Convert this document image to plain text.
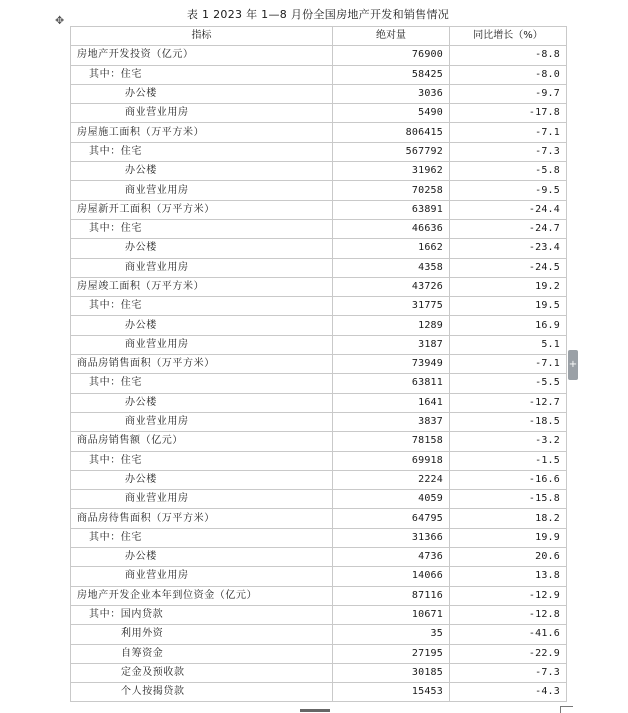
✥
+
表 1 2023 年 1—8 月份全国房地产开发和销售情况
指标	绝对量	同比增长（%）
房地产开发投资（亿元）	76900	-8.8
其中：住宅	58425	-8.0
办公楼	3036	-9.7
商业营业用房	5490	-17.8
房屋施工面积（万平方米）	806415	-7.1
其中：住宅	567792	-7.3
办公楼	31962	-5.8
商业营业用房	70258	-9.5
房屋新开工面积（万平方米）	63891	-24.4
其中：住宅	46636	-24.7
办公楼	1662	-23.4
商业营业用房	4358	-24.5
房屋竣工面积（万平方米）	43726	19.2
其中：住宅	31775	19.5
办公楼	1289	16.9
商业营业用房	3187	5.1
商品房销售面积（万平方米）	73949	-7.1
其中：住宅	63811	-5.5
办公楼	1641	-12.7
商业营业用房	3837	-18.5
商品房销售额（亿元）	78158	-3.2
其中：住宅	69918	-1.5
办公楼	2224	-16.6
商业营业用房	4059	-15.8
商品房待售面积（万平方米）	64795	18.2
其中：住宅	31366	19.9
办公楼	4736	20.6
商业营业用房	14066	13.8
房地产开发企业本年到位资金（亿元）	87116	-12.9
其中：国内贷款	10671	-12.8
利用外资	35	-41.6
自筹资金	27195	-22.9
定金及预收款	30185	-7.3
个人按揭贷款	15453	-4.3
